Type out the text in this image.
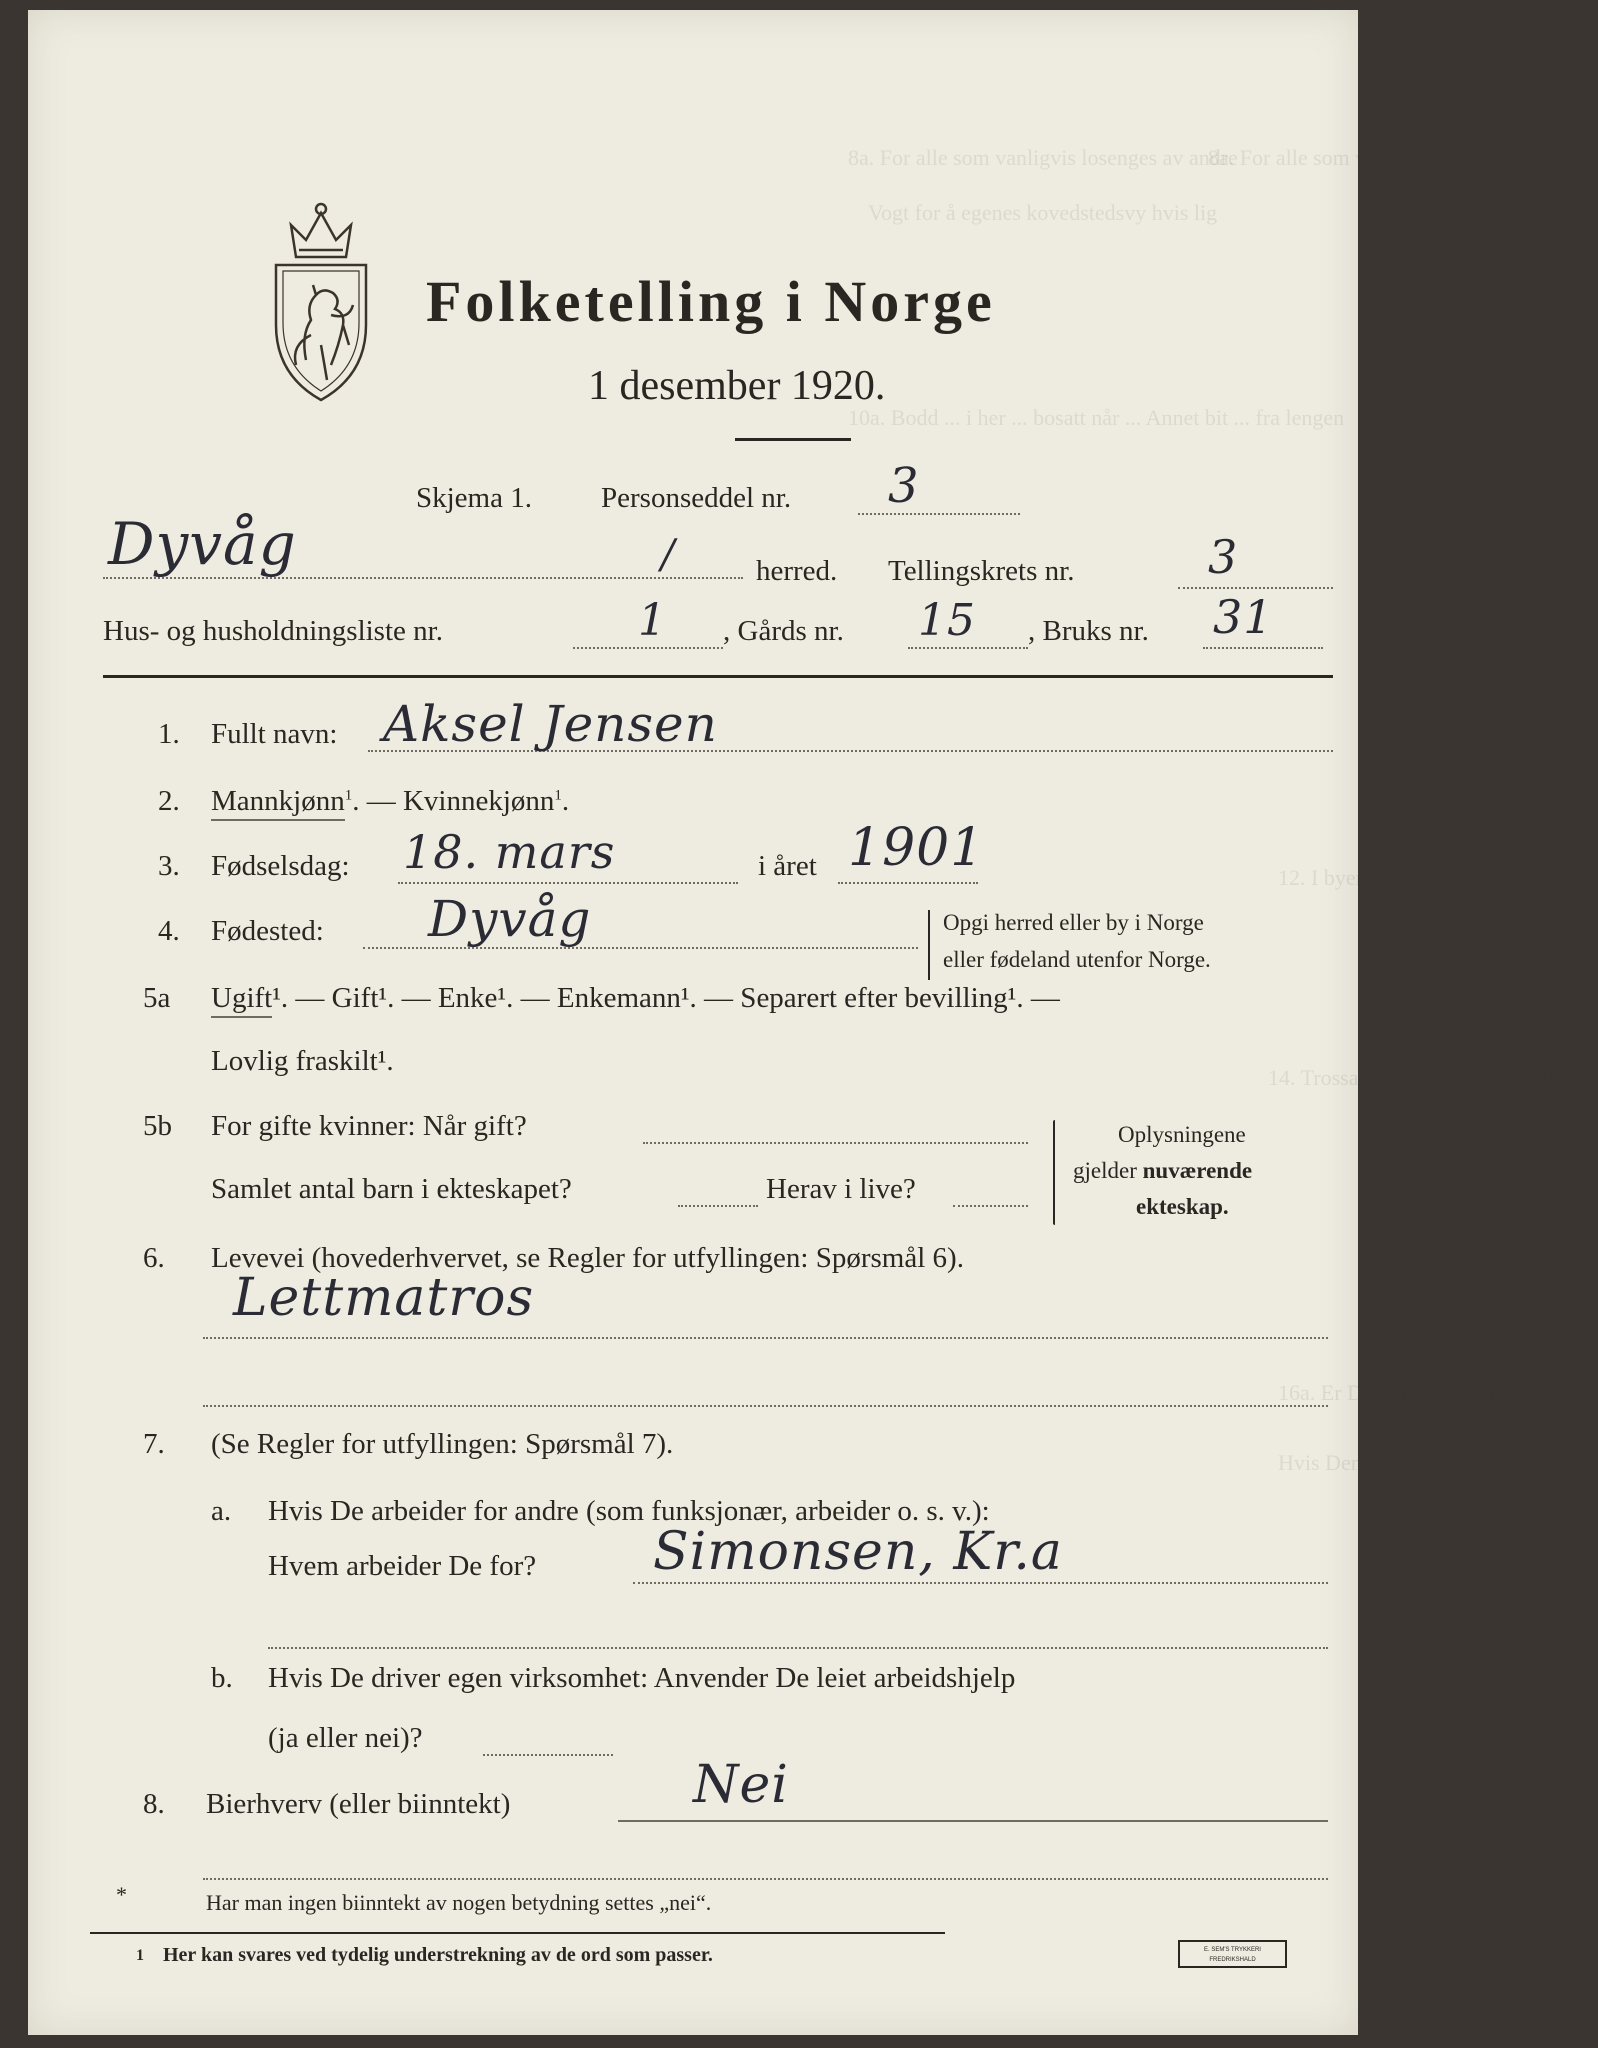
8a. For alle som vanligvis losenges av andre
8a. For alle som vanligvis losenges av andre
Vogt for å egenes kovedstedsvy hvis lig
10a. Bodd ... i her ... bosatt når ... Annet bit ... fra lengen
12. I byen i land ...
14. Trossamfunn: Statskirken eller ...
16a. Er De født utenfor Norge ...
Hvis Dem farens borgerskap ...
Folketelling i Norge
1 desember 1920.
Skjema 1. Personseddel nr. 3
Dyvåg	/	herred. Tellingskrets nr.	3
Hus- og husholdningsliste nr.	1 , Gårds nr. 15 , Bruks nr. 31
1. Fullt navn: Aksel Jensen
2. Mannkjønn$^1$. — Kvinnekjønn$^1$.
3. Fødselsdag: 18. mars	i året 1901
4. Fødested: Dyvåg	Opgi herred eller by i Norge
eller fødeland utenfor Norge.
5a Ugift¹. — Gift¹. — Enke¹. — Enkemann¹. — Separert efter bevilling¹. —
Lovlig fraskilt¹.
5b For gifte kvinner: Når gift?
Samlet antal barn i ekteskapet?	Herav i live?
Oplysningene
gjelder nuværende
ekteskap.
6. Levevei (hovederhvervet, se Regler for utfyllingen: Spørsmål 6).
Lettmatros
7. (Se Regler for utfyllingen: Spørsmål 7).
a. Hvis De arbeider for andre (som funksjonær, arbeider o. s. v.):
Hvem arbeider De for? Simonsen, Kr.a
b. Hvis De driver egen virksomhet: Anvender De leiet arbeidshjelp
(ja eller nei)?
8. Bierhverv (eller biinntekt)	Nei
*	Har man ingen biinntekt av nogen betydning settes „nei“.
1 Her kan svares ved tydelig understrekning av de ord som passer.	E. SEM'S TRYKKERI
FREDRIKSHALD
